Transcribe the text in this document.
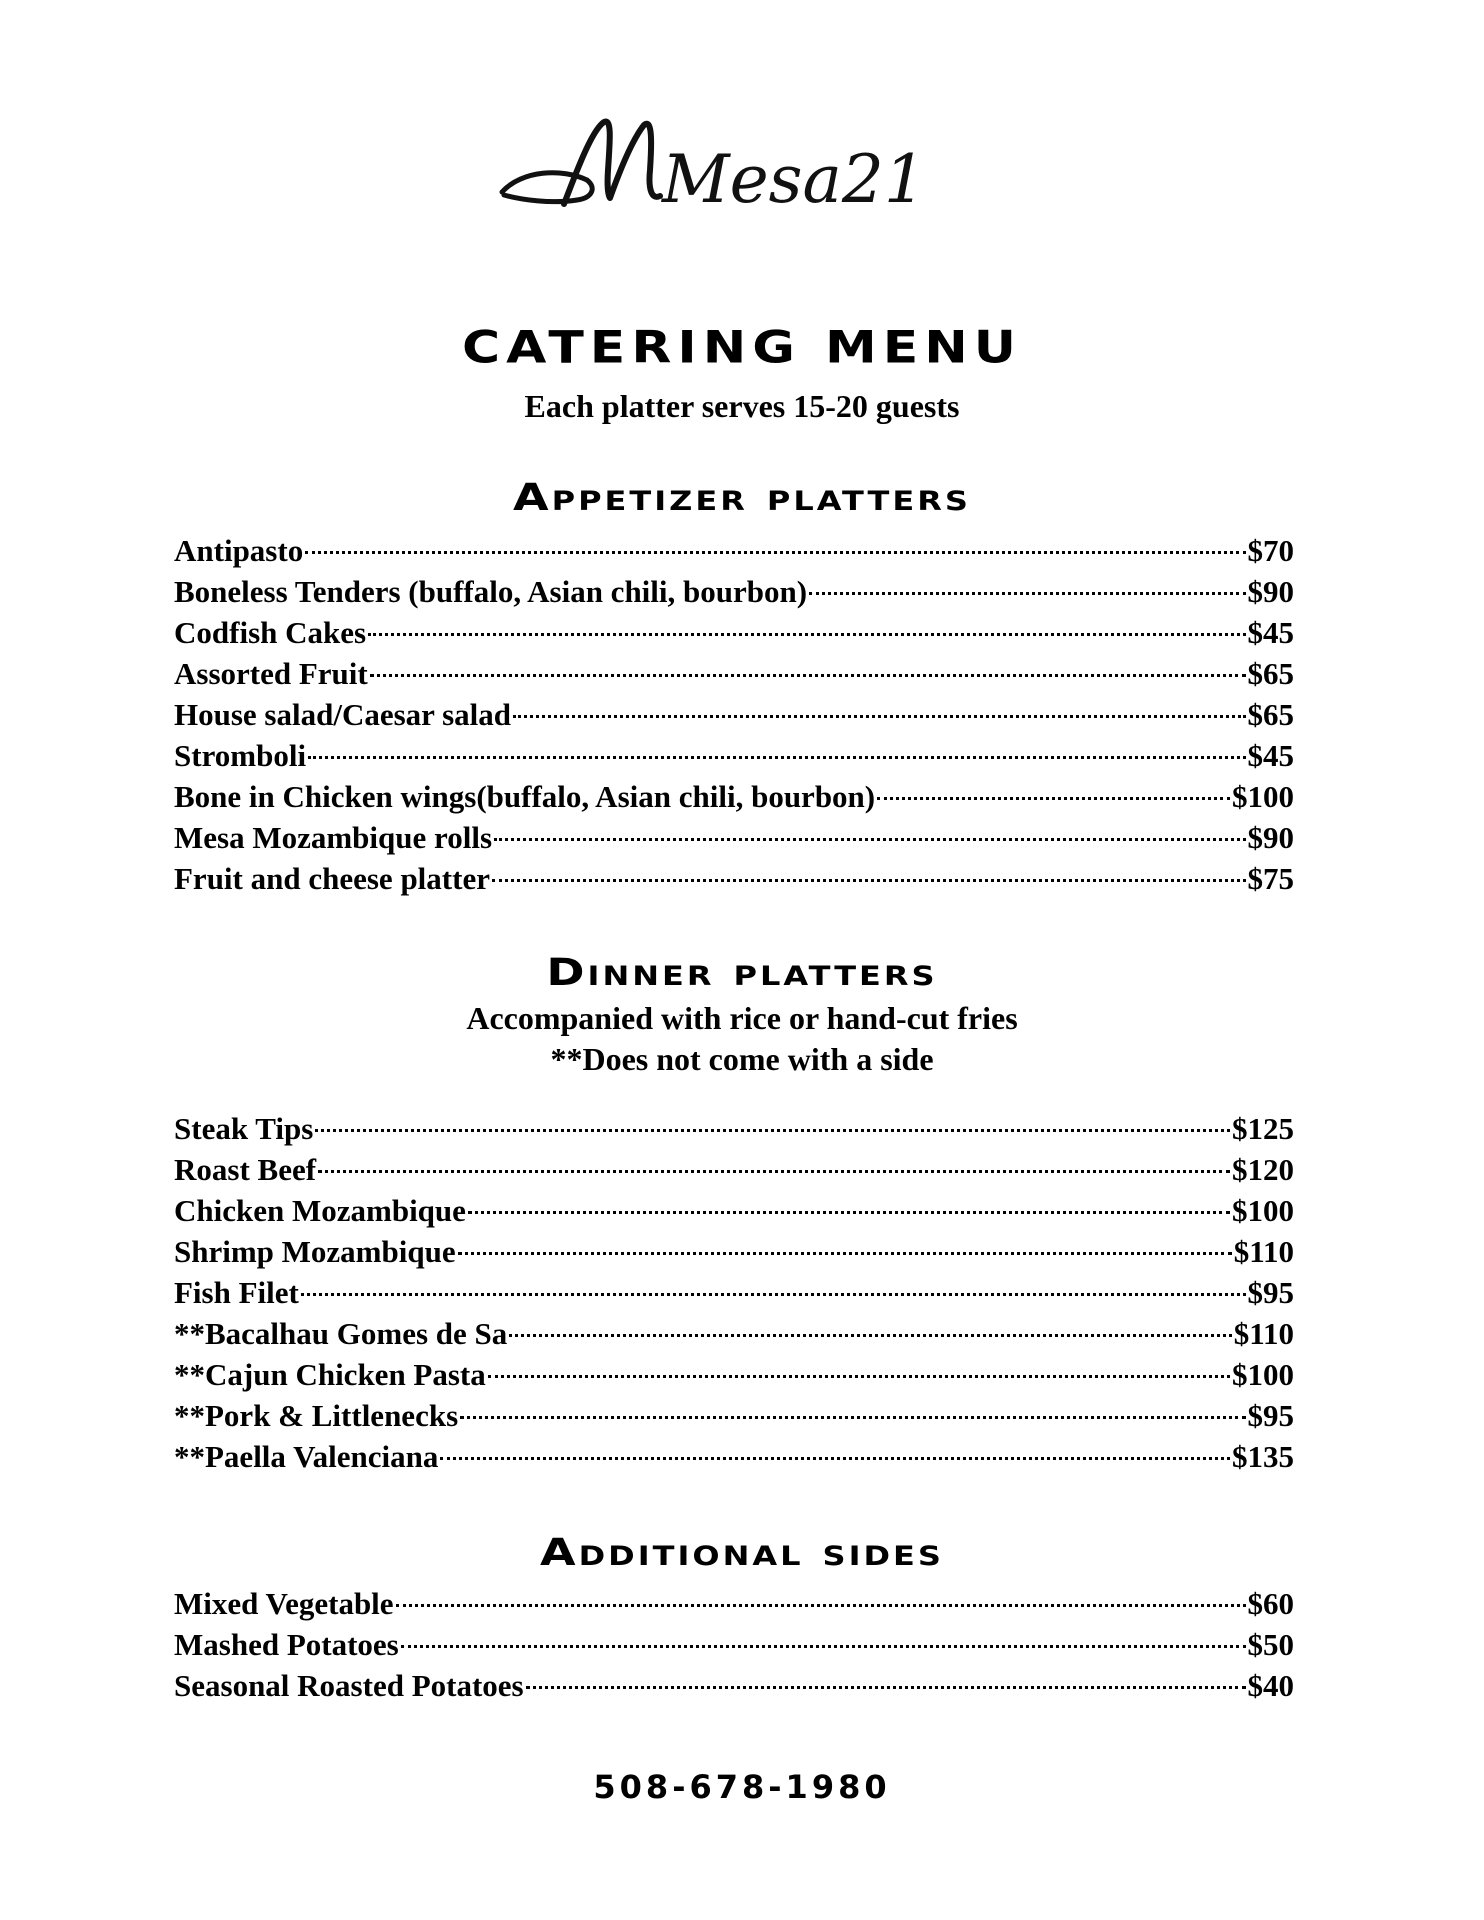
Mesa21
CATERING MENU
Each platter serves 15-20 guests
Appetizer platters
Antipasto	$70
Boneless Tenders (buffalo, Asian chili, bourbon)	$90
Codfish Cakes	$45
Assorted Fruit	$65
House salad/Caesar salad	$65
Stromboli	$45
Bone in Chicken wings(buffalo, Asian chili, bourbon)	$100
Mesa Mozambique rolls	$90
Fruit and cheese platter	$75
Dinner platters
Accompanied with rice or hand-cut fries
**Does not come with a side
Steak Tips	$125
Roast Beef	$120
Chicken Mozambique	$100
Shrimp Mozambique	$110
Fish Filet	$95
**Bacalhau Gomes de Sa	$110
**Cajun Chicken Pasta	$100
**Pork & Littlenecks	$95
**Paella Valenciana	$135
Additional sides
Mixed Vegetable	$60
Mashed Potatoes	$50
Seasonal Roasted Potatoes	$40
508-678-1980
